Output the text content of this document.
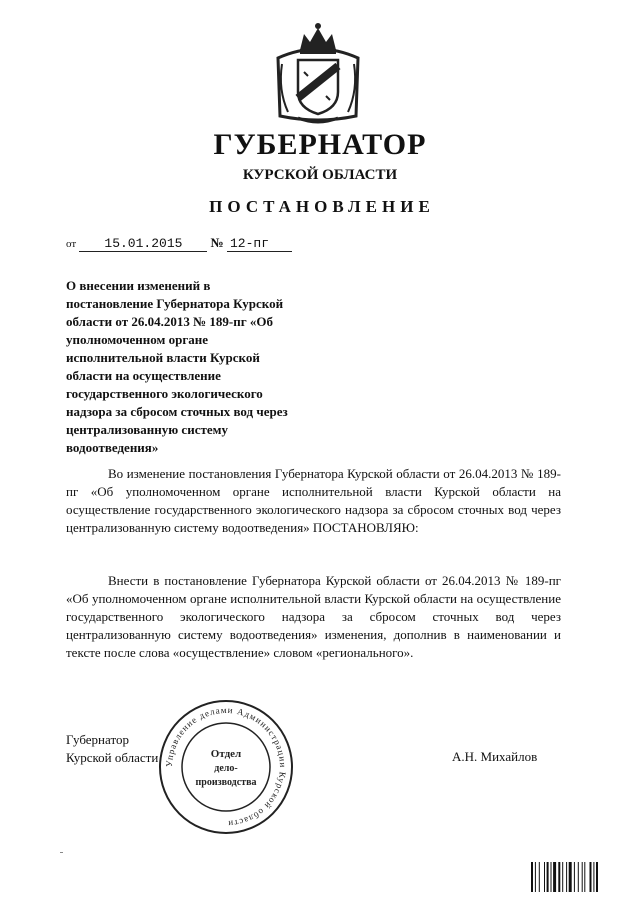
ГУБЕРНАТОР
КУРСКОЙ ОБЛАСТИ
ПОСТАНОВЛЕНИЕ
от 15.01.2015 № 12-пг
О внесении изменений в
постановление Губернатора Курской
области от 26.04.2013 № 189-пг «Об
уполномоченном органе
исполнительной власти Курской
области на осуществление
государственного экологического
надзора за сбросом сточных вод через
централизованную систему
водоотведения»
Во изменение постановления Губернатора Курской области от 26.04.2013 № 189-пг «Об уполномоченном органе исполнительной власти Курской области на осуществление государственного экологического надзора за сбросом сточных вод через централизованную систему водоотведения» ПОСТАНОВЛЯЮ:
Внести в постановление Губернатора Курской области от 26.04.2013 № 189-пг «Об уполномоченном органе исполнительной власти Курской области на осуществление государственного экологического надзора за сбросом сточных вод через централизованную систему водоотведения» изменения, дополнив в наименовании и тексте после слова «осуществление» словом «регионального».
Губернатор
Курской области	А.Н. Михайлов
Управление делами Администрации Курской области
Отдел
дело-
производства
